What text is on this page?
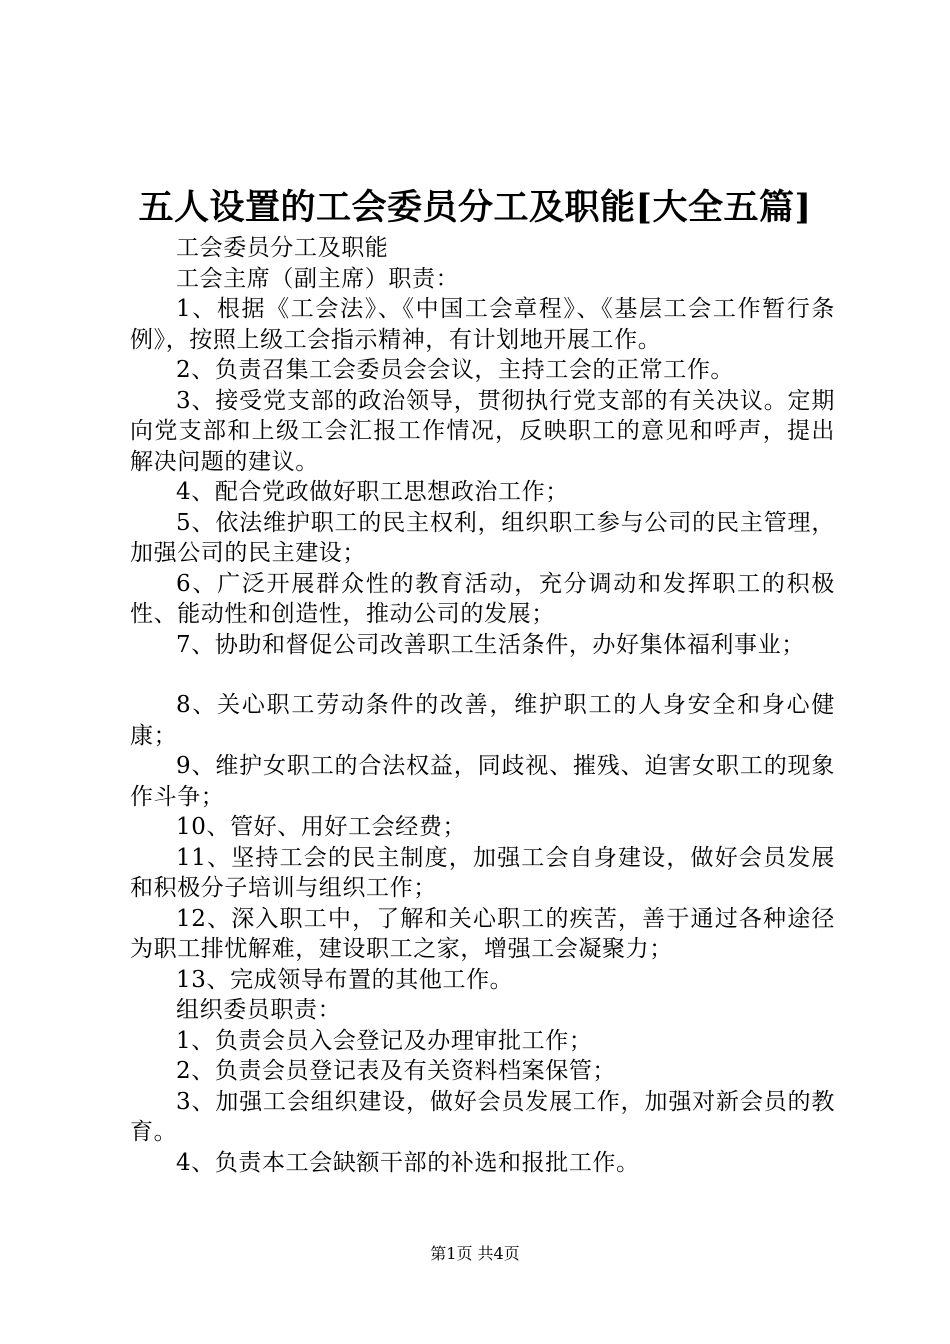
五人设置的工会委员分工及职能[大全五篇]

工会委员分工及职能

工会主席（副主席）职责：

1、根据《工会法》、《中国工会章程》、《基层工会工作暂行条例》，按照上级工会指示精神，有计划地开展工作。

2、负责召集工会委员会会议，主持工会的正常工作。

3、接受党支部的政治领导，贯彻执行党支部的有关决议。定期向党支部和上级工会汇报工作情况，反映职工的意见和呼声，提出解决问题的建议。

4、配合党政做好职工思想政治工作；

5、依法维护职工的民主权利，组织职工参与公司的民主管理，加强公司的民主建设；

6、广泛开展群众性的教育活动，充分调动和发挥职工的积极性、能动性和创造性，推动公司的发展；

7、协助和督促公司改善职工生活条件，办好集体福利事业；

8、关心职工劳动条件的改善，维护职工的人身安全和身心健康；

9、维护女职工的合法权益，同歧视、摧残、迫害女职工的现象作斗争；

10、管好、用好工会经费；

11、坚持工会的民主制度，加强工会自身建设，做好会员发展和积极分子培训与组织工作；

12、深入职工中，了解和关心职工的疾苦，善于通过各种途径为职工排忧解难，建设职工之家，增强工会凝聚力；

13、完成领导布置的其他工作。

组织委员职责：

1、负责会员入会登记及办理审批工作；

2、负责会员登记表及有关资料档案保管；

3、加强工会组织建设，做好会员发展工作，加强对新会员的教育。

4、负责本工会缺额干部的补选和报批工作。

第1页 共4页
